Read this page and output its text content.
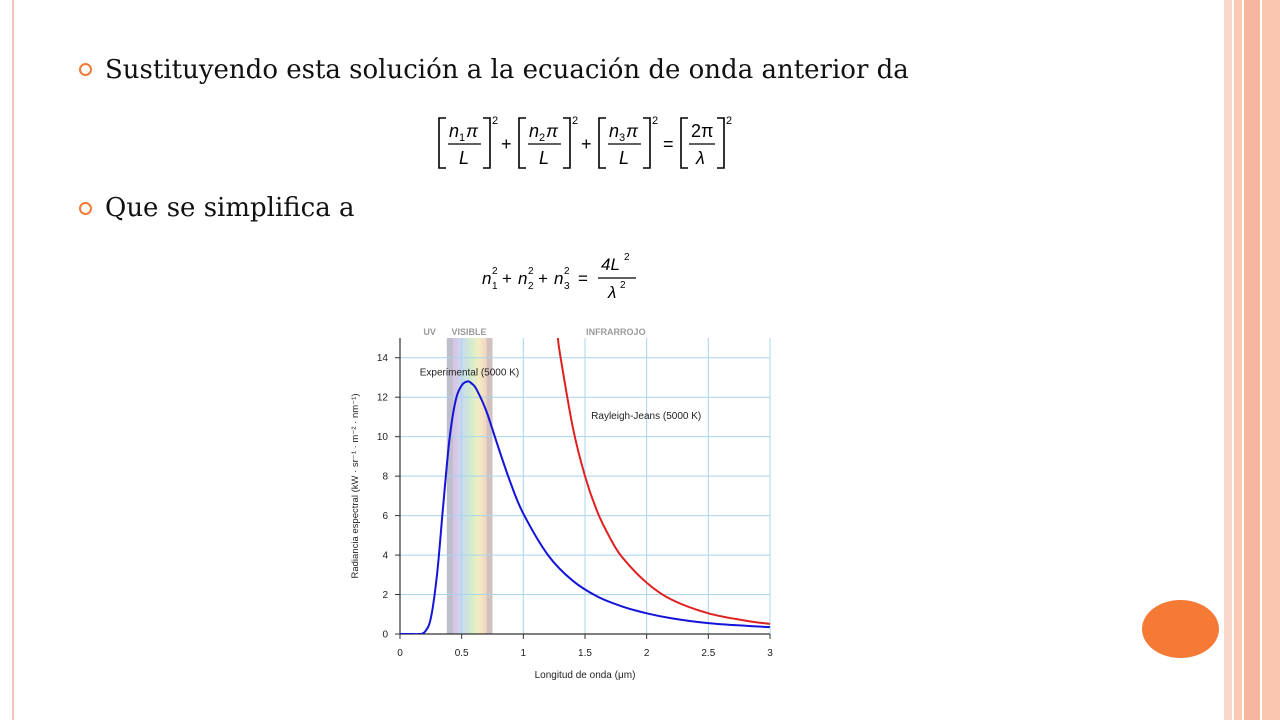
Sustituyendo esta solución a la ecuación de onda anterior da
Que se simplifica a
n 1 π
L
2
+
n 2 π
L
2
+
n 3 π
L
2
=
2π
λ
2
n 2
1 + n 2
2 + n 2
3 =
4L 2
λ 2
0	0.5	1	1.5	2	2.5	3
0
2
4
6
8
10
12
14
Longitud de onda (μm)
Radiancia espectral (kW · sr⁻¹ · m⁻² · nm⁻¹)
UV VISIBLE	INFRARROJO
Experimental (5000 K)
Rayleigh-Jeans (5000 K)
